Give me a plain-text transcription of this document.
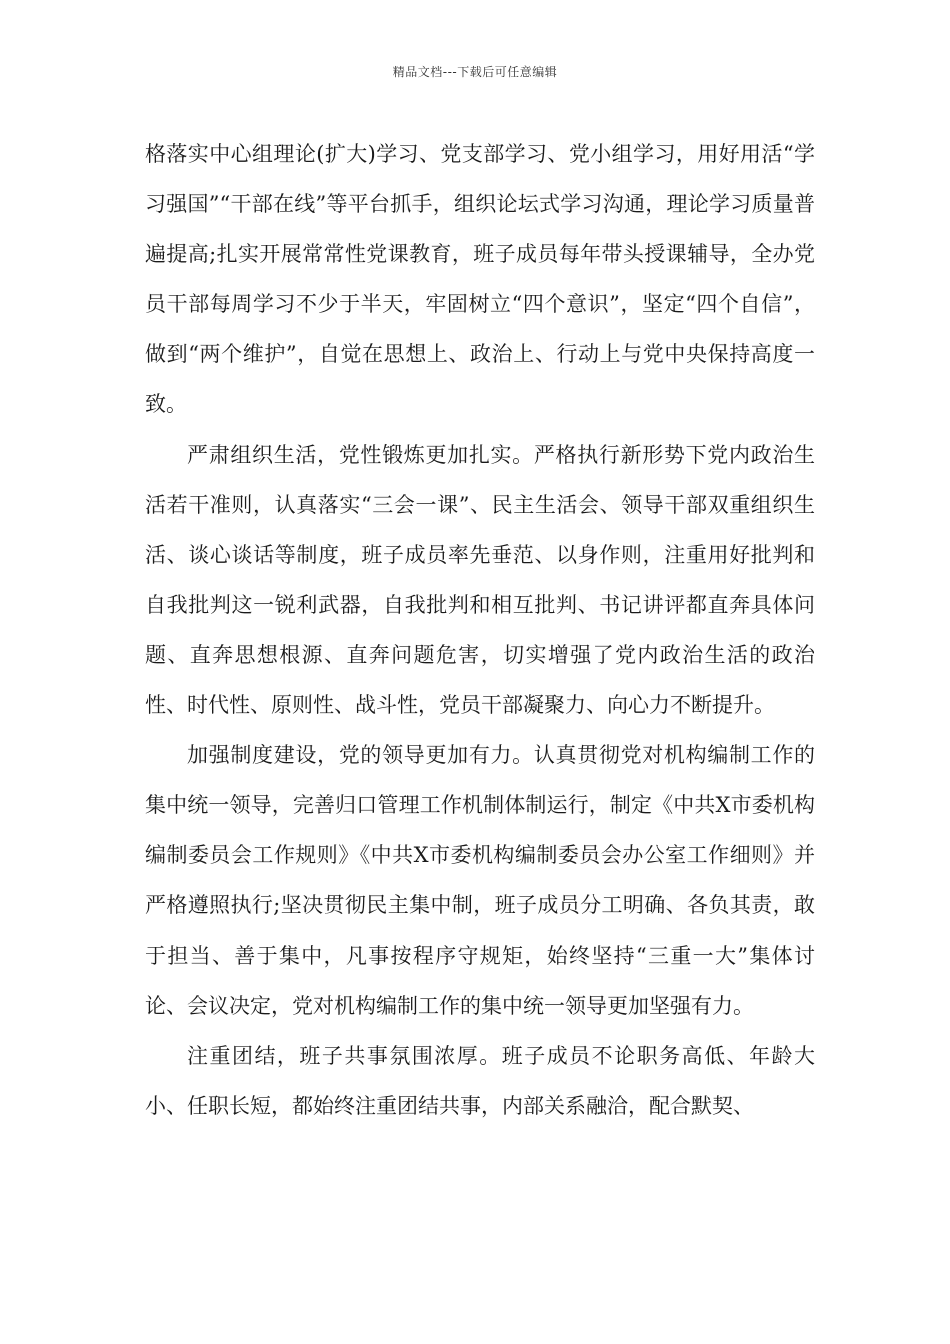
精品文档---下载后可任意编辑

格落实中心组理论(扩大)学习、党支部学习、党小组学习，用好用活“学习强国”“干部在线”等平台抓手，组织论坛式学习沟通，理论学习质量普遍提高;扎实开展常常性党课教育，班子成员每年带头授课辅导，全办党员干部每周学习不少于半天，牢固树立“四个意识”，坚定“四个自信”，做到“两个维护”，自觉在思想上、政治上、行动上与党中央保持高度一致。

严肃组织生活，党性锻炼更加扎实。严格执行新形势下党内政治生活若干准则，认真落实“三会一课”、民主生活会、领导干部双重组织生活、谈心谈话等制度，班子成员率先垂范、以身作则，注重用好批判和自我批判这一锐利武器，自我批判和相互批判、书记讲评都直奔具体问题、直奔思想根源、直奔问题危害，切实增强了党内政治生活的政治性、时代性、原则性、战斗性，党员干部凝聚力、向心力不断提升。

加强制度建设，党的领导更加有力。认真贯彻党对机构编制工作的集中统一领导，完善归口管理工作机制体制运行，制定《中共X市委机构编制委员会工作规则》《中共X市委机构编制委员会办公室工作细则》并严格遵照执行;坚决贯彻民主集中制，班子成员分工明确、各负其责，敢于担当、善于集中，凡事按程序守规矩，始终坚持“三重一大”集体讨论、会议决定，党对机构编制工作的集中统一领导更加坚强有力。

注重团结，班子共事氛围浓厚。班子成员不论职务高低、年龄大小、任职长短，都始终注重团结共事，内部关系融洽，配合默契、
